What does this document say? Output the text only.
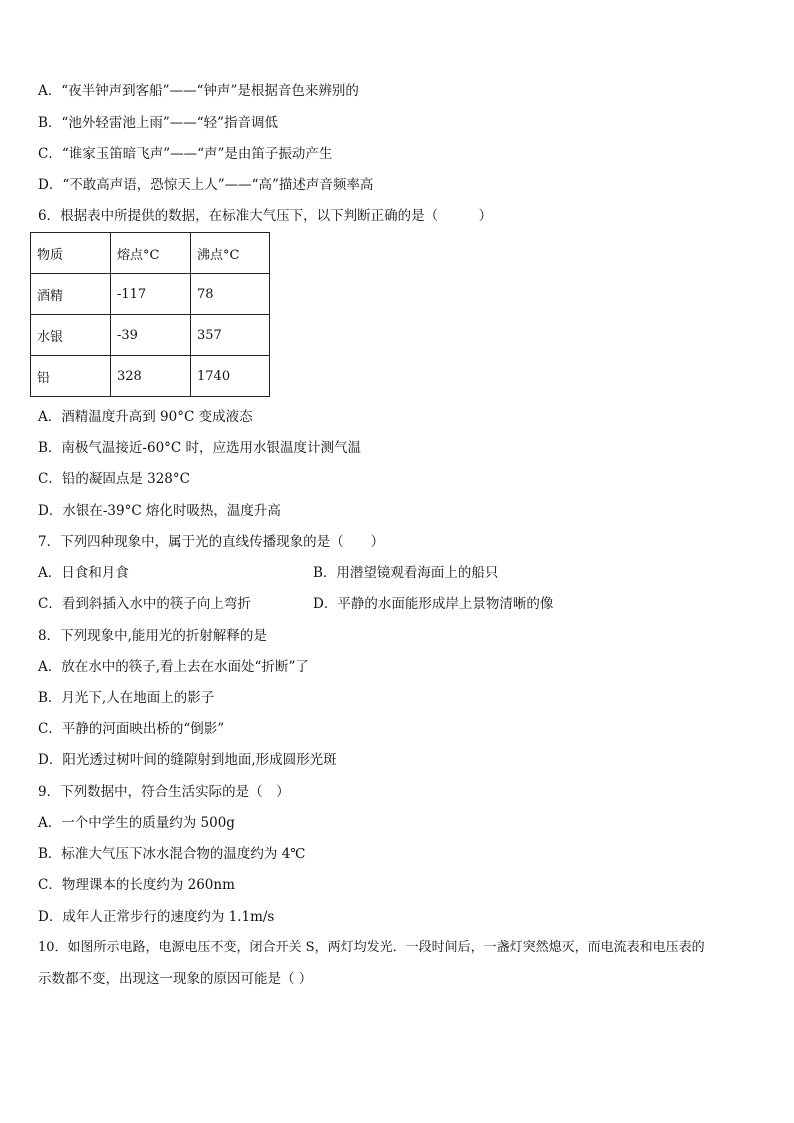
A．“夜半钟声到客船”——“钟声”是根据音色来辨别的
B．“池外轻雷池上雨”——“轻”指音调低
C．“谁家玉笛暗飞声”——“声”是由笛子振动产生
D．“不敢高声语，恐惊天上人”——“高”描述声音频率高
6．根据表中所提供的数据，在标准大气压下，以下判断正确的是（　　　）
物质	熔点°C	沸点°C
酒精	-117	78
水银	-39	357
铅	328	1740
A．酒精温度升高到 90°C 变成液态
B．南极气温接近-60°C 时，应选用水银温度计测气温
C．铅的凝固点是 328°C
D．水银在-39°C 熔化时吸热，温度升高
7．下列四种现象中，属于光的直线传播现象的是（　　）
A．日食和月食	B．用潜望镜观看海面上的船只
C．看到斜插入水中的筷子向上弯折	D．平静的水面能形成岸上景物清晰的像
8．下列现象中,能用光的折射解释的是
A．放在水中的筷子,看上去在水面处“折断”了
B．月光下,人在地面上的影子
C．平静的河面映出桥的“倒影”
D．阳光透过树叶间的缝隙射到地面,形成圆形光斑
9．下列数据中，符合生活实际的是（　）
A．一个中学生的质量约为 500g
B．标准大气压下冰水混合物的温度约为 4℃
C．物理课本的长度约为 260nm
D．成年人正常步行的速度约为 1.1m/s
10．如图所示电路，电源电压不变，闭合开关 S，两灯均发光．一段时间后，一盏灯突然熄灭，而电流表和电压表的
示数都不变，出现这一现象的原因可能是（ ）
